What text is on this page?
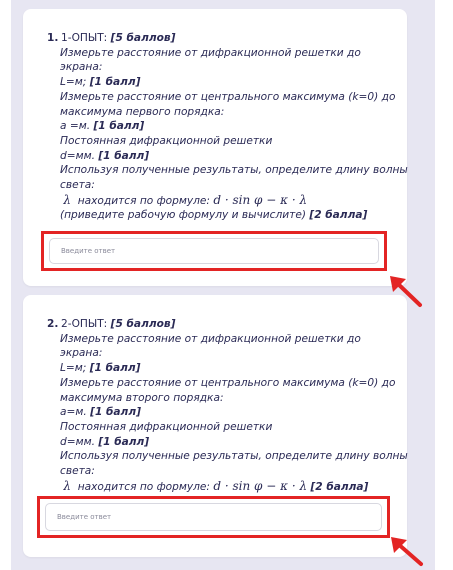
1. 1-ОПЫТ: [5 баллов]
Измерьте расстояние от дифракционной решетки до
экрана:
L=м; [1 балл]
Измерьте расстояние от центрального максимума (k=0) до
максимума первого порядка:
a =м. [1 балл]
Постоянная дифракционной решетки
d=мм. [1 балл]
Используя полученные результаты, определите длину волны
света:
λ находится по формуле: d · sin φ − κ · λ
(приведите рабочую формулу и вычислите) [2 балла]
Введите ответ
2. 2-ОПЫТ: [5 баллов]
Измерьте расстояние от дифракционной решетки до
экрана:
L=м; [1 балл]
Измерьте расстояние от центрального максимума (k=0) до
максимума второго порядка:
a=м. [1 балл]
Постоянная дифракционной решетки
d=мм. [1 балл]
Используя полученные результаты, определите длину волны
света:
λ находится по формуле: d · sin φ − κ · λ [2 балла]
Введите ответ
